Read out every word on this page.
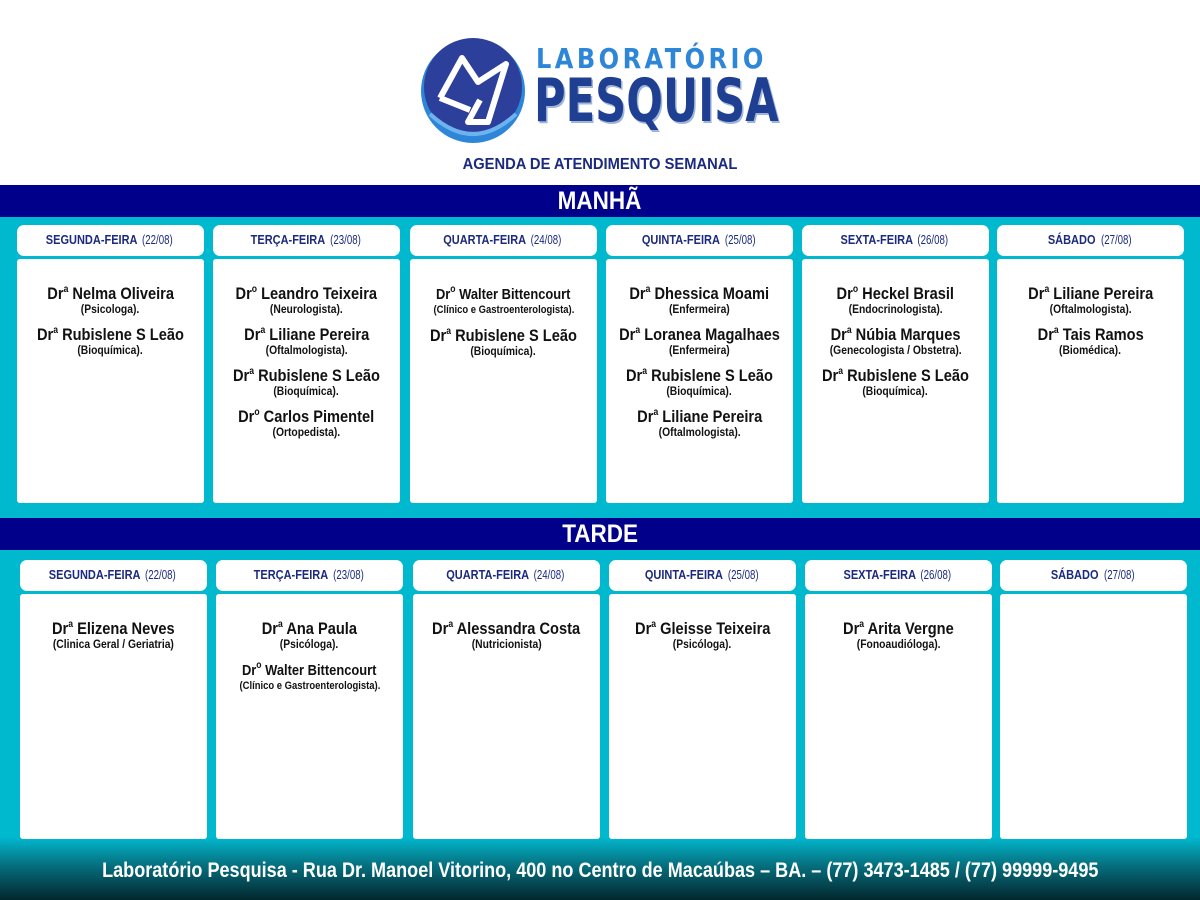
LABORATÓRIO
PESQUISA
AGENDA DE ATENDIMENTO SEMANAL
MANHÃ
TARDE
SEGUNDA-FEIRA (22/08)
Dr$^a$ Nelma Oliveira
(Psicologa).
Dr$^a$ Rubislene S Leão
(Bioquímica).
TERÇA-FEIRA (23/08)
Dr$^o$ Leandro Teixeira
(Neurologista).
Dr$^a$ Liliane Pereira
(Oftalmologista).
Dr$^a$ Rubislene S Leão
(Bioquímica).
Dr$^o$ Carlos Pimentel
(Ortopedista).
QUARTA-FEIRA (24/08)
Dr$^o$ Walter Bittencourt
(Clínico e Gastroenterologista).
Dr$^a$ Rubislene S Leão
(Bioquímica).
QUINTA-FEIRA (25/08)
Dr$^a$ Dhessica Moami
(Enfermeira)
Dr$^a$ Loranea Magalhaes
(Enfermeira)
Dr$^a$ Rubislene S Leão
(Bioquímica).
Dr$^a$ Liliane Pereira
(Oftalmologista).
SEXTA-FEIRA (26/08)
Dr$^o$ Heckel Brasil
(Endocrinologista).
Dr$^a$ Núbia Marques
(Genecologista / Obstetra).
Dr$^a$ Rubislene S Leão
(Bioquímica).
SÁBADO (27/08)
Dr$^a$ Liliane Pereira
(Oftalmologista).
Dr$^a$ Tais Ramos
(Biomédica).
SEGUNDA-FEIRA (22/08)
Dr$^a$ Elizena Neves
(Clinica Geral / Geriatria)
TERÇA-FEIRA (23/08)
Dr$^a$ Ana Paula
(Psicóloga).
Dr$^o$ Walter Bittencourt
(Clínico e Gastroenterologista).
QUARTA-FEIRA (24/08)
Dr$^a$ Alessandra Costa
(Nutricionista)
QUINTA-FEIRA (25/08)
Dr$^a$ Gleisse Teixeira
(Psicóloga).
SEXTA-FEIRA (26/08)
Dr$^a$ Arita Vergne
(Fonoaudióloga).
SÁBADO (27/08)
Laboratório Pesquisa - Rua Dr. Manoel Vitorino, 400 no Centro de Macaúbas – BA. – (77) 3473-1485 / (77) 99999-9495
